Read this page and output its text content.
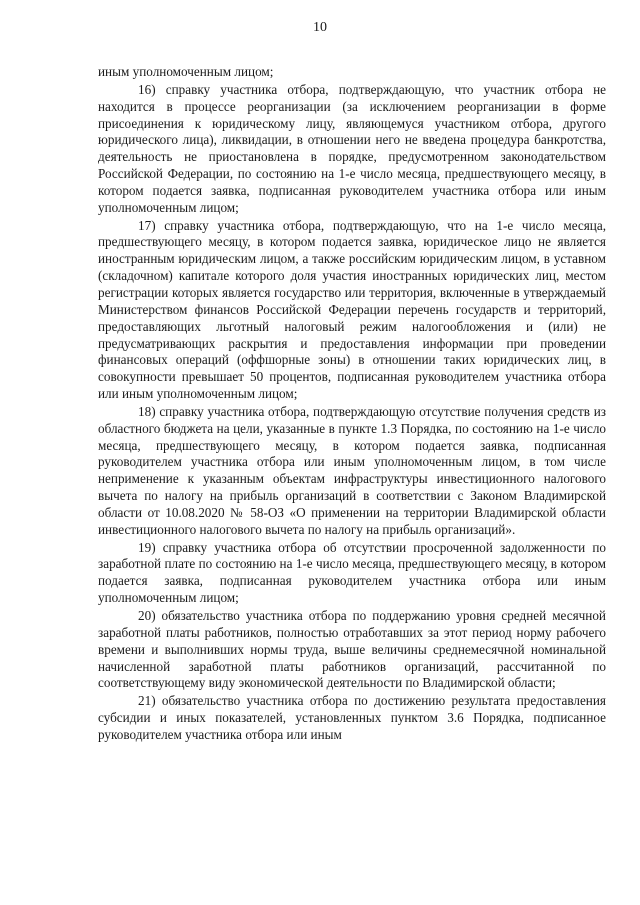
10

иным уполномоченным лицом;

16) справку участника отбора, подтверждающую, что участник отбора не находится в процессе реорганизации (за исключением реорганизации в форме присоединения к юридическому лицу, являющемуся участником отбора, другого юридического лица), ликвидации, в отношении него не введена процедура банкротства, деятельность не приостановлена в порядке, предусмотренном законодательством Российской Федерации, по состоянию на 1-е число месяца, предшествующего месяцу, в котором подается заявка, подписанная руководителем участника отбора или иным уполномоченным лицом;

17) справку участника отбора, подтверждающую, что на 1-е число месяца, предшествующего месяцу, в котором подается заявка, юридическое лицо не является иностранным юридическим лицом, а также российским юридическим лицом, в уставном (складочном) капитале которого доля участия иностранных юридических лиц, местом регистрации которых является государство или территория, включенные в утверждаемый Министерством финансов Российской Федерации перечень государств и территорий, предоставляющих льготный налоговый режим налогообложения и (или) не предусматривающих раскрытия и предоставления информации при проведении финансовых операций (оффшорные зоны) в отношении таких юридических лиц, в совокупности превышает 50 процентов, подписанная руководителем участника отбора или иным уполномоченным лицом;

18) справку участника отбора, подтверждающую отсутствие получения средств из областного бюджета на цели, указанные в пункте 1.3 Порядка, по состоянию на 1-е число месяца, предшествующего месяцу, в котором подается заявка, подписанная руководителем участника отбора или иным уполномоченным лицом, в том числе неприменение к указанным объектам инфраструктуры инвестиционного налогового вычета по налогу на прибыль организаций в соответствии с Законом Владимирской области от 10.08.2020 № 58-ОЗ «О применении на территории Владимирской области инвестиционного налогового вычета по налогу на прибыль организаций».

19) справку участника отбора об отсутствии просроченной задолженности по заработной плате по состоянию на 1-е число месяца, предшествующего месяцу, в котором подается заявка, подписанная руководителем участника отбора или иным уполномоченным лицом;

20) обязательство участника отбора по поддержанию уровня средней месячной заработной платы работников, полностью отработавших за этот период норму рабочего времени и выполнивших нормы труда, выше величины среднемесячной номинальной начисленной заработной платы работников организаций, рассчитанной по соответствующему виду экономической деятельности по Владимирской области;

21) обязательство участника отбора по достижению результата предоставления субсидии и иных показателей, установленных пунктом 3.6 Порядка, подписанное руководителем участника отбора или иным
